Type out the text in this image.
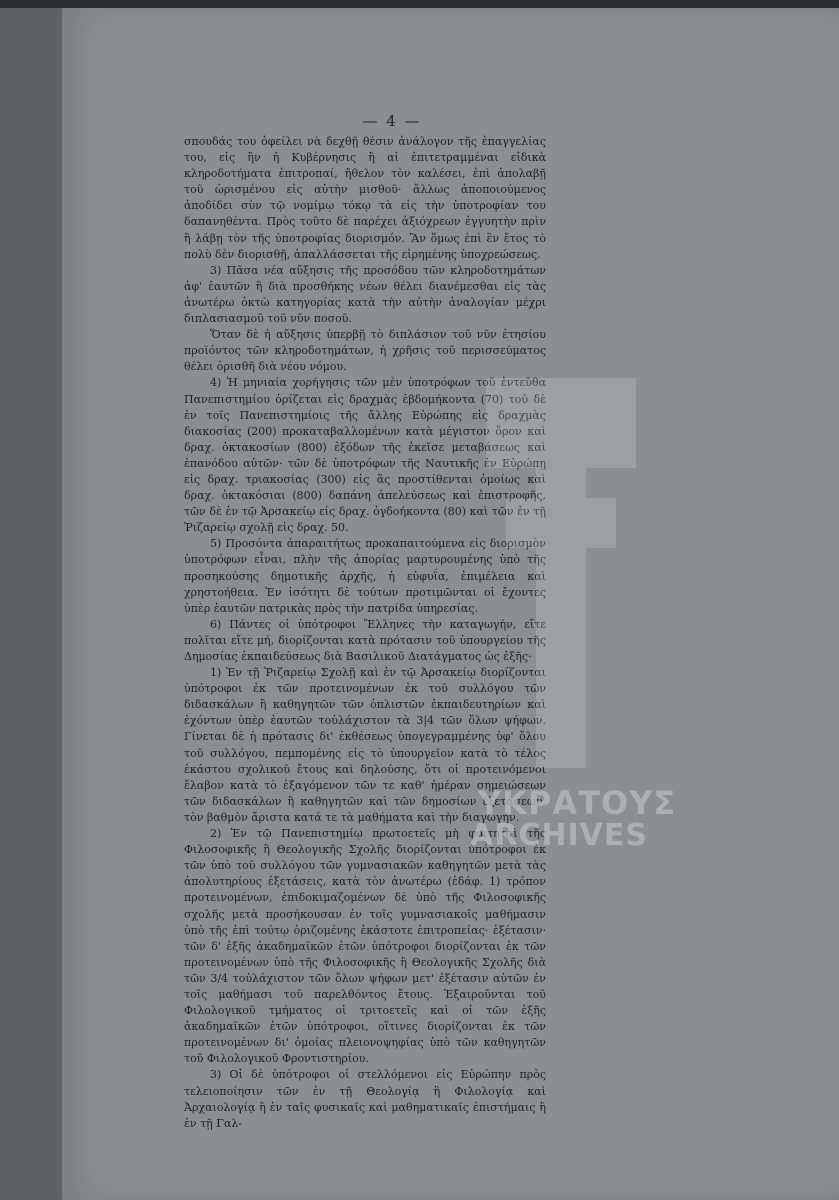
— 4 —

σπουδάς του ὀφείλει νὰ δεχθῇ θέσιν ἀνάλογον τῆς ἐπαγγελίας του, εἰς ἣν ἡ Κυβέρνησις ἢ αἱ ἐπιτετραμμέναι εἰδικὰ κληροδοτήματα ἐπιτροπαί, ἤθελον τὸν καλέσει, ἐπὶ ἀπολαβῇ τοῦ ὡρισμένου εἰς αὐτὴν μισθοῦ· ἄλλως ἀποποιούμενος ἀποδίδει σὺν τῷ νομίμῳ τόκῳ τὰ εἰς τὴν ὑποτροφίαν του δαπανηθέντα. Πρὸς τοῦτο δὲ παρέχει ἀξιόχρεων ἐγγυητὴν πρὶν ἢ λάβῃ τὸν τῆς ὑποτροφίας διορισμόν. Ἂν ὅμως ἐπὶ ἓν ἔτος τὸ πολὺ δὲν διορισθῇ, ἀπαλλάσσεται τῆς εἰρημένης ὑποχρεώσεως.

3) Πᾶσα νέα αὔξησις τῆς προσόδου τῶν κληροδοτημάτων ἀφ' ἑαυτῶν ἢ διὰ προσθήκης νέων θέλει διανέμεσθαι εἰς τὰς ἀνωτέρω ὀκτὼ κατηγορίας κατὰ τὴν αὐτὴν ἀναλογίαν μέχρι διπλασιασμοῦ τοῦ νῦν ποσοῦ.

Ὅταν δὲ ἡ αὔξησις ὑπερβῇ τὸ διπλάσιον τοῦ νῦν ἐτησίου προϊόντος τῶν κληροδοτημάτων, ἡ χρῆσις τοῦ περισσεύματος θέλει ὁρισθῆ διὰ νέου νόμου.

4) Ἡ μηνιαία χορήγησις τῶν μὲν ὑποτρόφων τοῦ ἐντεῦθα Πανεπιστημίου ὁρίζεται εἰς δραχμὰς ἑβδομήκοντα (70) τοῦ δὲ ἐν τοῖς Πανεπιστημίοις τῆς ἄλλης Εὐρώπης εἰς δραχμὰς διακοσίας (200) προκαταβαλλομένων κατὰ μέγιστον ὅρον καὶ δραχ. ὀκτακοσίων (800) ἐξόδων τῆς ἐκεῖσε μεταβάσεως καὶ ἐπανόδου αὐτῶν· τῶν δὲ ὑποτρόφων τῆς Ναυτικῆς ἐν Εὐρώπῃ εἰς δραχ. τριακοσίας (300) εἰς ἃς προστίθενται ὁμοίως καὶ δραχ. ὀκτακόσιαι (800) δαπάνη ἀπελεύσεως καὶ ἐπιστροφῆς, τῶν δὲ ἐν τῷ Ἀρσακείῳ εἰς δραχ. ὀγδοήκοντα (80) καὶ τῶν ἐν τῇ Ῥιζαρείῳ σχολῇ εἰς δραχ. 50.

5) Προσόντα ἀπαραιτήτως προκαπαιτούμενα εἰς διορισμὸν ὑποτρόφων εἶναι, πλὴν τῆς ἀπορίας μαρτυρουμένης ὑπὸ τῆς προσηκούσης δημοτικῆς ἀρχῆς, ἡ εὐφυΐα, ἐπιμέλεια καὶ χρηστοήθεια. Ἐν ἰσότητι δὲ τούτων προτιμῶνται οἱ ἔχοντες ὑπὲρ ἑαυτῶν πατρικὰς πρὸς τὴν πατρίδα ὑπηρεσίας.

6) Πάντες οἱ ὑπότροφοι Ἕλληνες τὴν καταγωγήν, εἴτε πολῖται εἴτε μή, διορίζονται κατὰ πρότασιν τοῦ ὑπουργείου τῆς Δημοσίας ἐκπαιδεύσεως διὰ Βασιλικοῦ Διατάγματος ὡς ἑξῆς·

1) Ἐν τῇ Ῥιζαρείῳ Σχολῇ καὶ ἐν τῷ Ἀρσακείῳ διορίζονται ὑπότροφοι ἐκ τῶν προτεινομένων ἐκ τοῦ συλλόγου τῶν διδασκάλων ἢ καθηγητῶν τῶν ὁπλιστῶν ἐκπαιδευτηρίων καὶ ἐχόντων ὑπὲρ ἑαυτῶν τοὐλάχιστον τὰ 3|4 τῶν ὅλων ψήφων. Γίνεται δὲ ἡ πρότασις δι' ἐκθέσεως ὑπογεγραμμένης ὑφ' ὅλου τοῦ συλλόγου, πεμπομένης εἰς τὸ ὑπουργεῖον κατὰ τὸ τέλος ἑκάστου σχολικοῦ ἔτους καὶ δηλούσης, ὅτι οἱ προτεινόμενοι ἔλαβον κατὰ τὸ ἐξαγόμενον τῶν τε καθ' ἡμέραν σημειώσεων τῶν διδασκάλων ἢ καθηγητῶν καὶ τῶν δημοσίων ἐξετάσεων, τὸν βαθμὸν ἄριστα κατά τε τὰ μαθήματα καὶ τὴν διαγωγήν.

2) Ἐν τῷ Πανεπιστημίῳ πρωτοετεῖς μὴ φοιτηταὶ τῆς Φιλοσοφικῆς ἢ Θεολογικῆς Σχολῆς διορίζονται ὑπότροφοι ἐκ τῶν ὑπὸ τοῦ συλλόγου τῶν γυμνασιακῶν καθηγητῶν μετὰ τὰς ἀπολυτηρίους ἐξετάσεις, κατὰ τὸν ἀνωτέρω (ἐδάφ. 1) τρόπον προτεινομένων, ἐπιδοκιμαζομένων δὲ ὑπὸ τῆς Φιλοσοφικῆς σχολῆς μετὰ προσήκουσαν ἐν τοῖς γυμνασιακοῖς μαθήμασιν ὑπὸ τῆς ἐπὶ τούτῳ ὁριζομένης ἑκάστοτε ἐπιτροπείας· ἐξέτασιν· τῶν δ' ἑξῆς ἀκαδημαϊκῶν ἐτῶν ὑπότροφοι διορίζονται ἐκ τῶν προτεινομένων ὑπὸ τῆς Φιλοσοφικῆς ἢ Θεολογικῆς Σχολῆς διὰ τῶν 3/4 τοὐλάχιστον τῶν ὅλων ψήφων μετ' ἐξέτασιν αὐτῶν ἐν τοῖς μαθήμασι τοῦ παρελθόντος ἔτους. Ἐξαιροῦνται τοῦ Φιλολογικοῦ τμήματος οἱ τριτοετεῖς καὶ οἱ τῶν ἑξῆς ἀκαδημαϊκῶν ἐτῶν ὑπότροφοι, οἵτινες διορίζονται ἐκ τῶν προτεινομένων δι' ὁμοίας πλειονοψηφίας ὑπὸ τῶν καθηγητῶν τοῦ Φιλολογικοῦ Φροντιστηρίου.

3) Οἱ δὲ ὑπότροφοι οἱ στελλόμενοι εἰς Εὐρώπην πρὸς τελειοποίησιν τῶν ἐν τῇ Θεολογίᾳ ἢ Φιλολογίᾳ καὶ Ἀρχαιολογίᾳ ἢ ἐν ταῖς φυσικαῖς καὶ μαθηματικαῖς ἐπιστήμαις ἢ ἐν τῇ Γαλ-

ΥΚΡΑΤΟΥΣ
ARCHIVES
